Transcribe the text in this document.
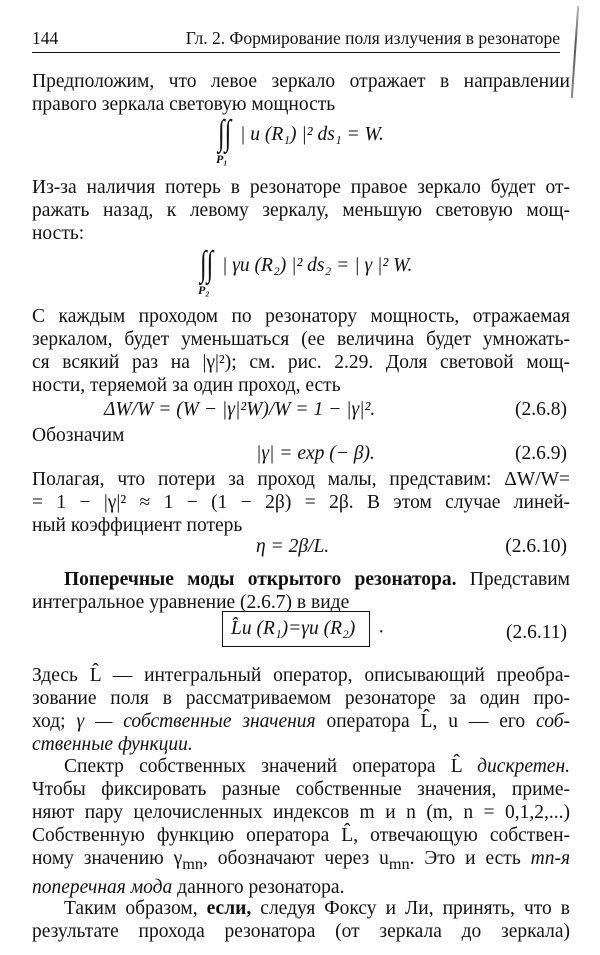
144	Гл. 2. Формирование поля излучения в резонаторе
Предположим, что левое зеркало отражает в направлении
правого зеркала световую мощность
∫∫ | u (R₁) |² ds₁ = W.
P₁
Из-за наличия потерь в резонаторе правое зеркало будет от-
ражать назад, к левому зеркалу, меньшую световую мощ-
ность:
∫∫ | γu (R₂) |² ds₂ = | γ |² W.
P₂
С каждым проходом по резонатору мощность, отражаемая
зеркалом, будет уменьшаться (ее величина будет умножать-
ся всякий раз на |γ|²); см. рис. 2.29. Доля световой мощ-
ности, теряемой за один проход, есть
ΔW/W = (W − |γ|²W)/W = 1 − |γ|².	(2.6.8)
Обозначим
|γ| = exp (− β).	(2.6.9)
Полагая, что потери за проход малы, представим: ΔW/W=
= 1 − |γ|² ≈ 1 − (1 − 2β) = 2β. В этом случае линей-
ный коэффициент потерь
η = 2β/L.	(2.6.10)
Поперечные моды открытого резонатора. Представим
интегральное уравнение (2.6.7) в виде
L̂u (R₁)=γu (R₂) ·	(2.6.11)
Здесь L̂ — интегральный оператор, описывающий преобра-
зование поля в рассматриваемом резонаторе за один про-
ход; γ — собственные значения оператора L̂, u — его соб-
ственные функции.
Спектр собственных значений оператора L̂ дискретен.
Чтобы фиксировать разные собственные значения, приме-
няют пару целочисленных индексов m и n (m, n = 0,1,2,...)
Собственную функцию оператора L̂, отвечающую собствен-
ному значению $\gamma_{mn}$, обозначают через $u_{mn}$. Это и есть mn-я
поперечная мода данного резонатора.
Таким образом, если, следуя Фоксу и Ли, принять, что в
результате прохода резонатора (от зеркала до зеркала)
